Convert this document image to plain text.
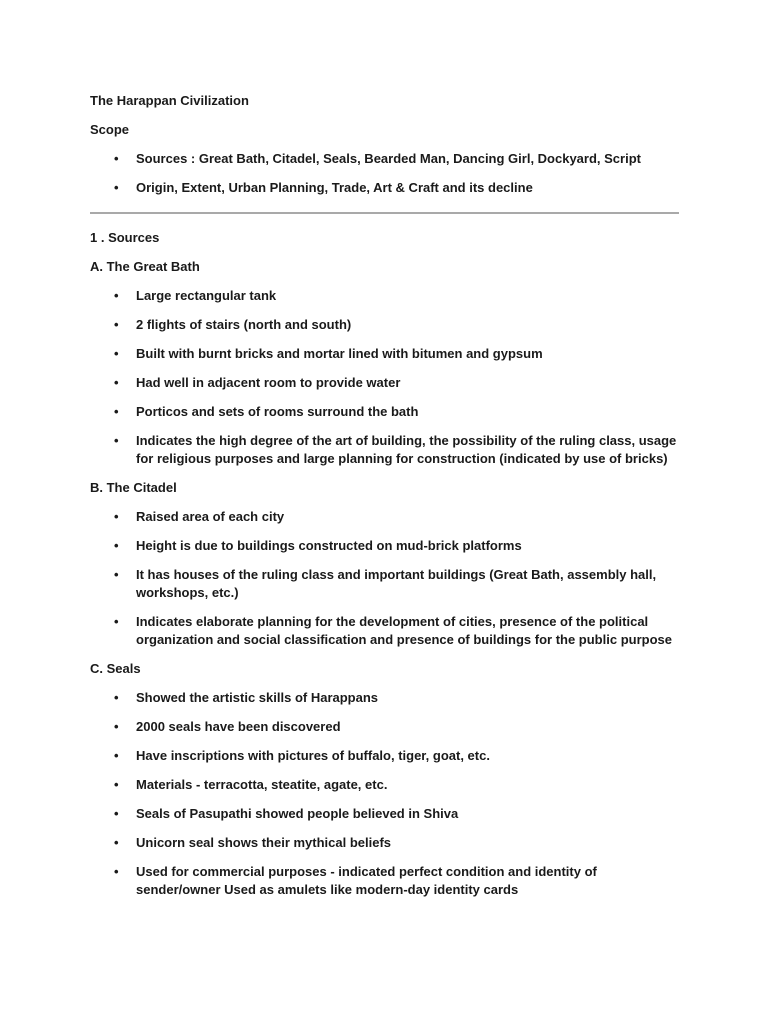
The Harappan Civilization
Scope
• Sources : Great Bath, Citadel, Seals, Bearded Man, Dancing Girl, Dockyard, Script
• Origin, Extent, Urban Planning, Trade, Art & Craft and its decline
1 . Sources
A. The Great Bath
• Large rectangular tank
• 2 flights of stairs (north and south)
• Built with burnt bricks and mortar lined with bitumen and gypsum
• Had well in adjacent room to provide water
• Porticos and sets of rooms surround the bath
• Indicates the high degree of the art of building, the possibility of the ruling class, usage for religious purposes and large planning for construction (indicated by use of bricks)
B. The Citadel
• Raised area of each city
• Height is due to buildings constructed on mud-brick platforms
• It has houses of the ruling class and important buildings (Great Bath, assembly hall, workshops, etc.)
• Indicates elaborate planning for the development of cities, presence of the political organization and social classification and presence of buildings for the public purpose
C. Seals
• Showed the artistic skills of Harappans
• 2000 seals have been discovered
• Have inscriptions with pictures of buffalo, tiger, goat, etc.
• Materials - terracotta, steatite, agate, etc.
• Seals of Pasupathi showed people believed in Shiva
• Unicorn seal shows their mythical beliefs
• Used for commercial purposes - indicated perfect condition and identity of sender/owner Used as amulets like modern-day identity cards
